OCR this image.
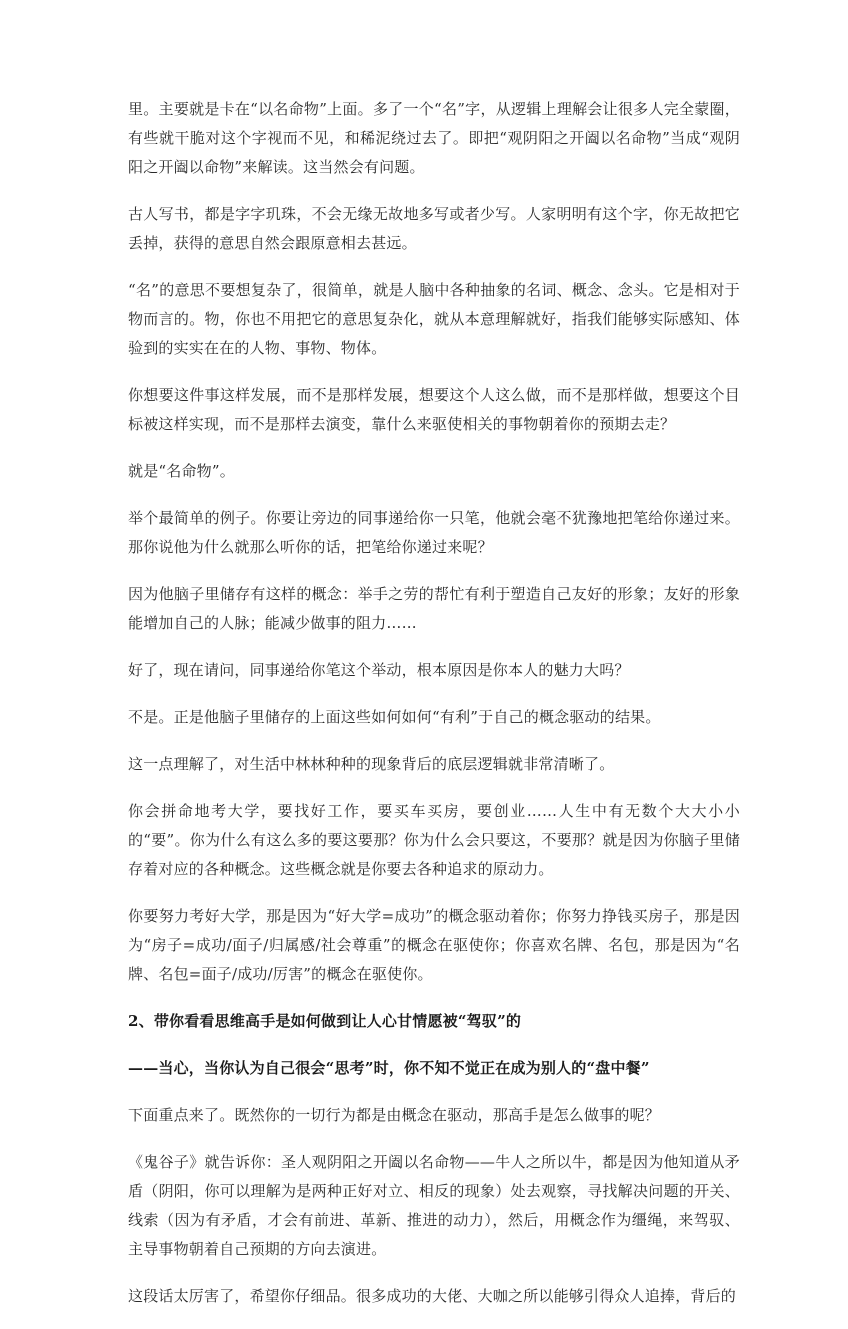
里。主要就是卡在“以名命物”上面。多了一个“名”字，从逻辑上理解会让很多人完全蒙圈，有些就干脆对这个字视而不见，和稀泥绕过去了。即把“观阴阳之开阖以名命物”当成“观阴阳之开阖以命物”来解读。这当然会有问题。

古人写书，都是字字玑珠，不会无缘无故地多写或者少写。人家明明有这个字，你无故把它丢掉，获得的意思自然会跟原意相去甚远。

“名”的意思不要想复杂了，很简单，就是人脑中各种抽象的名词、概念、念头。它是相对于物而言的。物，你也不用把它的意思复杂化，就从本意理解就好，指我们能够实际感知、体验到的实实在在的人物、事物、物体。

你想要这件事这样发展，而不是那样发展，想要这个人这么做，而不是那样做，想要这个目标被这样实现，而不是那样去演变，靠什么来驱使相关的事物朝着你的预期去走？

就是“名命物”。

举个最简单的例子。你要让旁边的同事递给你一只笔，他就会毫不犹豫地把笔给你递过来。那你说他为什么就那么听你的话，把笔给你递过来呢？

因为他脑子里储存有这样的概念：举手之劳的帮忙有利于塑造自己友好的形象；友好的形象能增加自己的人脉；能减少做事的阻力……

好了，现在请问，同事递给你笔这个举动，根本原因是你本人的魅力大吗？

不是。正是他脑子里储存的上面这些如何如何“有利”于自己的概念驱动的结果。

这一点理解了，对生活中林林种种的现象背后的底层逻辑就非常清晰了。

你会拼命地考大学，要找好工作，要买车买房，要创业……人生中有无数个大大小小的“要”。你为什么有这么多的要这要那？你为什么会只要这，不要那？就是因为你脑子里储存着对应的各种概念。这些概念就是你要去各种追求的原动力。

你要努力考好大学，那是因为“好大学=成功”的概念驱动着你；你努力挣钱买房子，那是因为“房子=成功/面子/归属感/社会尊重”的概念在驱使你；你喜欢名牌、名包，那是因为“名牌、名包=面子/成功/厉害”的概念在驱使你。

2、带你看看思维高手是如何做到让人心甘情愿被“驾驭”的

——当心，当你认为自己很会“思考”时，你不知不觉正在成为别人的“盘中餐”

下面重点来了。既然你的一切行为都是由概念在驱动，那高手是怎么做事的呢？

《鬼谷子》就告诉你：圣人观阴阳之开阖以名命物——牛人之所以牛，都是因为他知道从矛盾（阴阳，你可以理解为是两种正好对立、相反的现象）处去观察，寻找解决问题的开关、线索（因为有矛盾，才会有前进、革新、推进的动力），然后，用概念作为缰绳，来驾驭、主导事物朝着自己预期的方向去演进。

这段话太厉害了，希望你仔细品。很多成功的大佬、大咖之所以能够引得众人追捧，背后的
